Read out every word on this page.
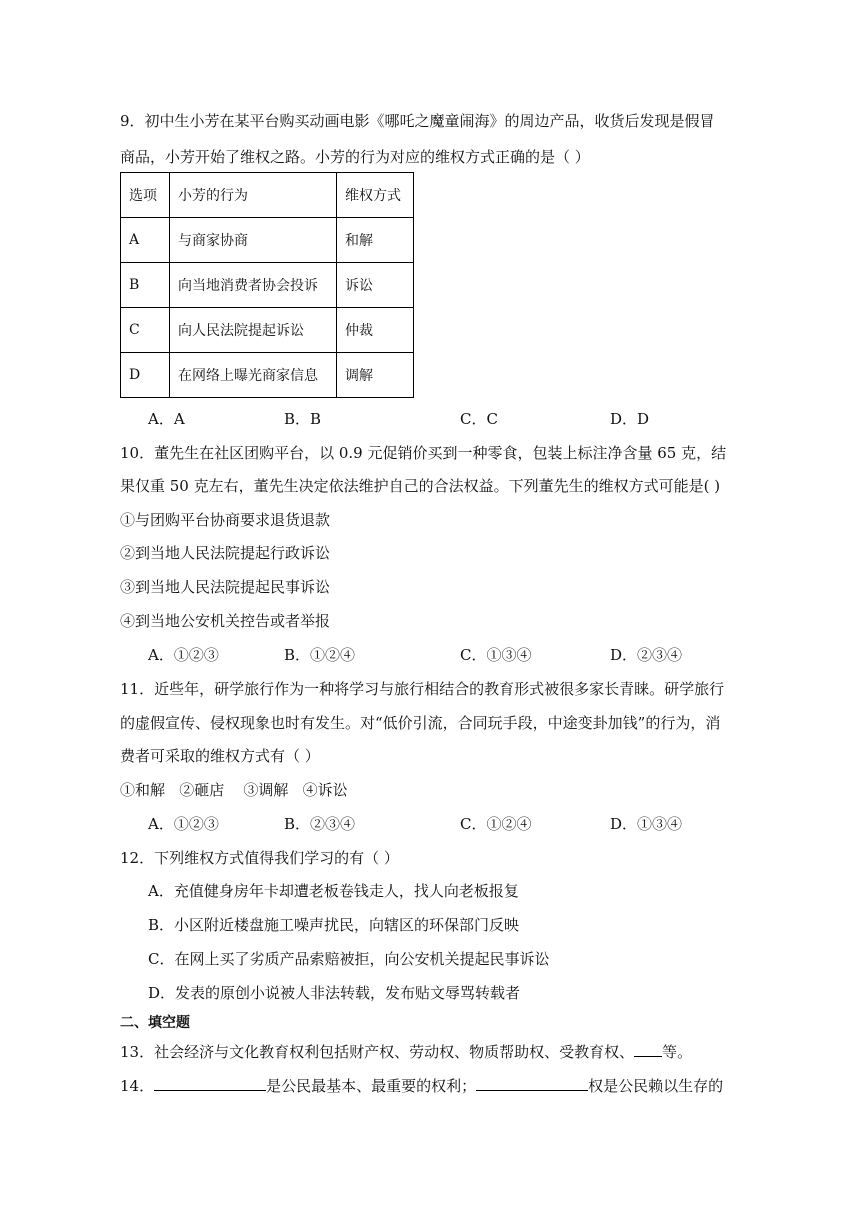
9．初中生小芳在某平台购买动画电影《哪吒之魔童闹海》的周边产品，收货后发现是假冒
商品，小芳开始了维权之路。小芳的行为对应的维权方式正确的是（ ）
选项	小芳的行为	维权方式
A	与商家协商	和解
B	向当地消费者协会投诉	诉讼
C	向人民法院提起诉讼	仲裁
D	在网络上曝光商家信息	调解
A．A	B．B	C．C	D．D
10．董先生在社区团购平台，以 0.9 元促销价买到一种零食，包装上标注净含量 65 克，结
果仅重 50 克左右，董先生决定依法维护自己的合法权益。下列董先生的维权方式可能是( )
①与团购平台协商要求退货退款
②到当地人民法院提起行政诉讼
③到当地人民法院提起民事诉讼
④到当地公安机关控告或者举报
A．①②③	B．①②④	C．①③④	D．②③④
11．近些年，研学旅行作为一种将学习与旅行相结合的教育形式被很多家长青睐。研学旅行
的虚假宣传、侵权现象也时有发生。对“低价引流，合同玩手段，中途变卦加钱”的行为，消
费者可采取的维权方式有（ ）
①和解   ②砸店    ③调解   ④诉讼
A．①②③	B．②③④	C．①②④	D．①③④
12．下列维权方式值得我们学习的有（ ）
A．充值健身房年卡却遭老板卷钱走人，找人向老板报复
B．小区附近楼盘施工噪声扰民，向辖区的环保部门反映
C．在网上买了劣质产品索赔被拒，向公安机关提起民事诉讼
D．发表的原创小说被人非法转载，发布贴文辱骂转载者
二、填空题
13．社会经济与文化教育权利包括财产权、劳动权、物质帮助权、受教育权、 等。
14．	是公民最基本、最重要的权利；	权是公民赖以生存的
